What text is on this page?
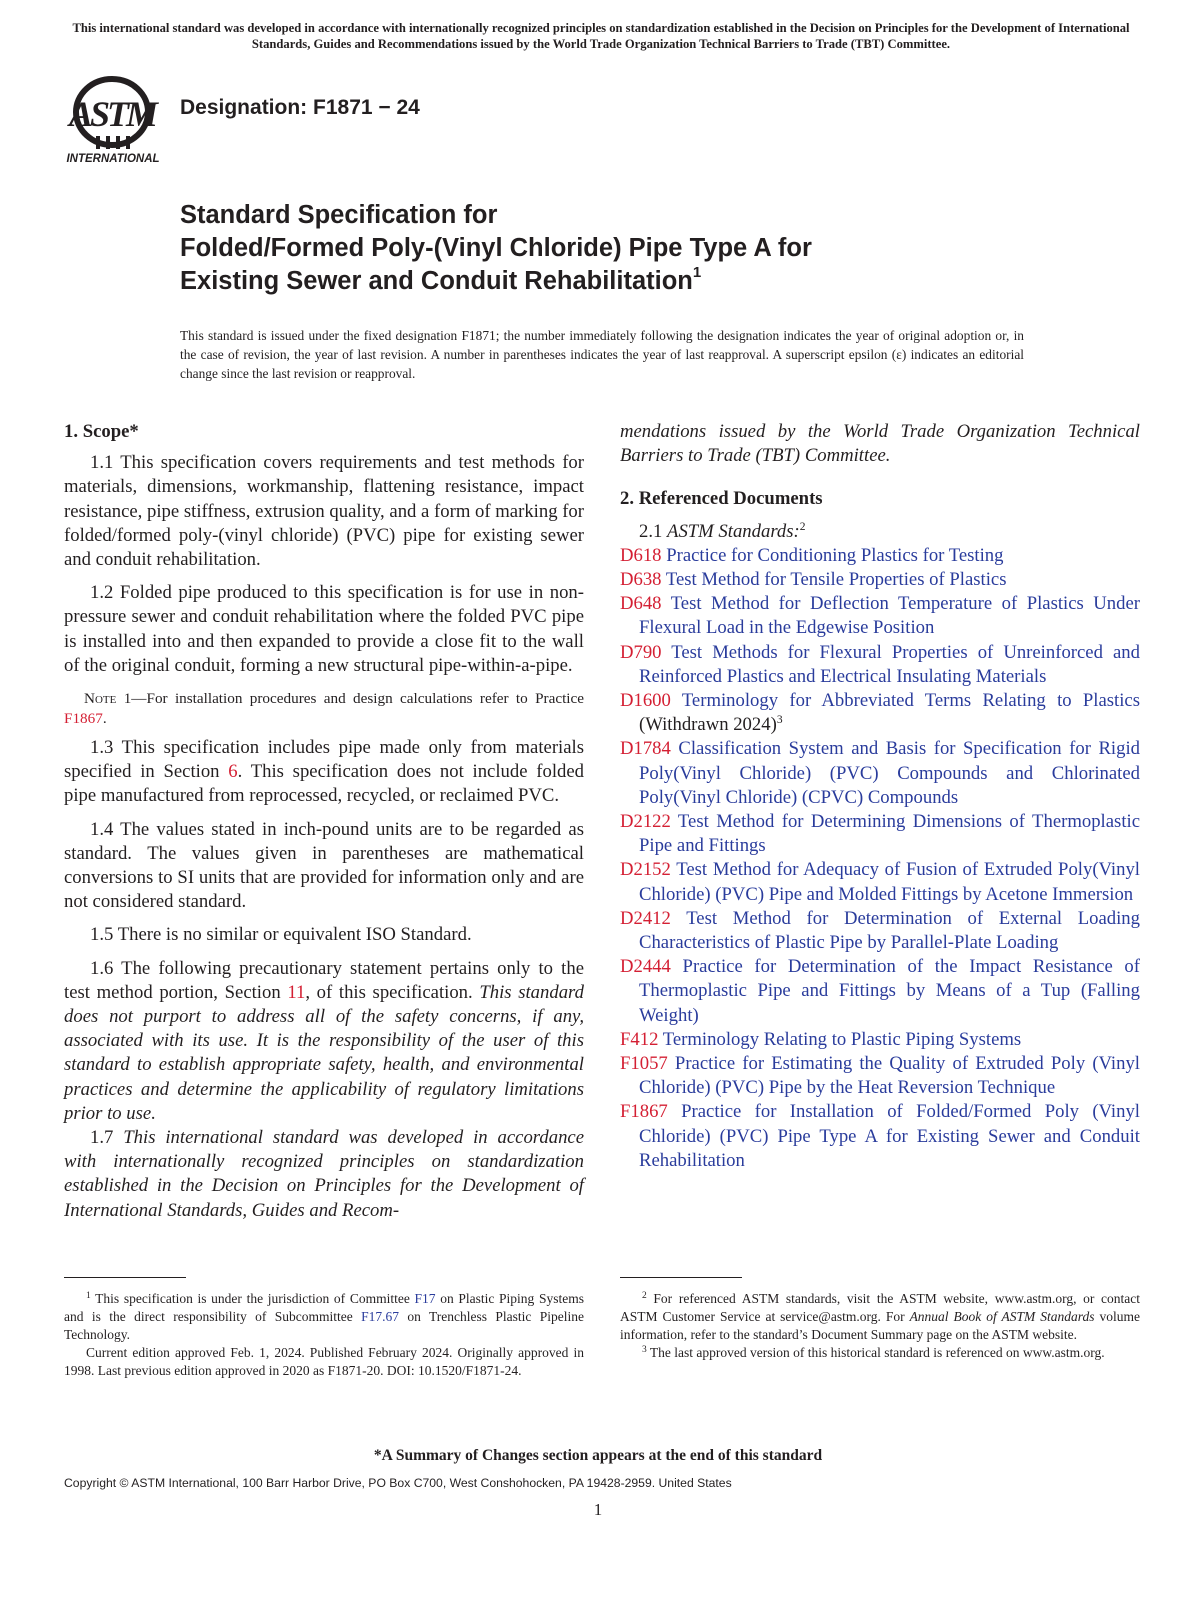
This international standard was developed in accordance with internationally recognized principles on standardization established in the Decision on Principles for the Development of International Standards, Guides and Recommendations issued by the World Trade Organization Technical Barriers to Trade (TBT) Committee.
ASTM
INTERNATIONAL
Designation: F1871 − 24
Standard Specification for
Folded/Formed Poly-(Vinyl Chloride) Pipe Type A for
Existing Sewer and Conduit Rehabilitation$^1$
This standard is issued under the fixed designation F1871; the number immediately following the designation indicates the year of original adoption or, in the case of revision, the year of last revision. A number in parentheses indicates the year of last reapproval. A superscript epsilon (ε) indicates an editorial change since the last revision or reapproval.
1. Scope*

1.1 This specification covers requirements and test methods for materials, dimensions, workmanship, flattening resistance, impact resistance, pipe stiffness, extrusion quality, and a form of marking for folded/formed poly-(vinyl chloride) (PVC) pipe for existing sewer and conduit rehabilitation.

1.2 Folded pipe produced to this specification is for use in non-pressure sewer and conduit rehabilitation where the folded PVC pipe is installed into and then expanded to provide a close fit to the wall of the original conduit, forming a new structural pipe-within-a-pipe.

Note 1—For installation procedures and design calculations refer to Practice F1867.

1.3 This specification includes pipe made only from materials specified in Section 6. This specification does not include folded pipe manufactured from reprocessed, recycled, or reclaimed PVC.

1.4 The values stated in inch-pound units are to be regarded as standard. The values given in parentheses are mathematical conversions to SI units that are provided for information only and are not considered standard.

1.5 There is no similar or equivalent ISO Standard.

1.6 The following precautionary statement pertains only to the test method portion, Section 11, of this specification. This standard does not purport to address all of the safety concerns, if any, associated with its use. It is the responsibility of the user of this standard to establish appropriate safety, health, and environmental practices and determine the applicability of regulatory limitations prior to use.

1.7 This international standard was developed in accordance with internationally recognized principles on standardization established in the Decision on Principles for the Development of International Standards, Guides and Recom-

mendations issued by the World Trade Organization Technical Barriers to Trade (TBT) Committee.

2. Referenced Documents

2.1 ASTM Standards:$^2$

D618 Practice for Conditioning Plastics for Testing

D638 Test Method for Tensile Properties of Plastics

D648 Test Method for Deflection Temperature of Plastics Under Flexural Load in the Edgewise Position

D790 Test Methods for Flexural Properties of Unreinforced and Reinforced Plastics and Electrical Insulating Materials

D1600 Terminology for Abbreviated Terms Relating to Plastics (Withdrawn 2024)$^3$

D1784 Classification System and Basis for Specification for Rigid Poly(Vinyl Chloride) (PVC) Compounds and Chlorinated Poly(Vinyl Chloride) (CPVC) Compounds

D2122 Test Method for Determining Dimensions of Thermoplastic Pipe and Fittings

D2152 Test Method for Adequacy of Fusion of Extruded Poly(Vinyl Chloride) (PVC) Pipe and Molded Fittings by Acetone Immersion

D2412 Test Method for Determination of External Loading Characteristics of Plastic Pipe by Parallel-Plate Loading

D2444 Practice for Determination of the Impact Resistance of Thermoplastic Pipe and Fittings by Means of a Tup (Falling Weight)

F412 Terminology Relating to Plastic Piping Systems

F1057 Practice for Estimating the Quality of Extruded Poly (Vinyl Chloride) (PVC) Pipe by the Heat Reversion Technique

F1867 Practice for Installation of Folded/Formed Poly (Vinyl Chloride) (PVC) Pipe Type A for Existing Sewer and Conduit Rehabilitation

$^1$ This specification is under the jurisdiction of Committee F17 on Plastic Piping Systems and is the direct responsibility of Subcommittee F17.67 on Trenchless Plastic Pipeline Technology.

Current edition approved Feb. 1, 2024. Published February 2024. Originally approved in 1998. Last previous edition approved in 2020 as F1871-20. DOI: 10.1520/F1871-24.

$^2$ For referenced ASTM standards, visit the ASTM website, www.astm.org, or contact ASTM Customer Service at service@astm.org. For Annual Book of ASTM Standards volume information, refer to the standard’s Document Summary page on the ASTM website.

$^3$ The last approved version of this historical standard is referenced on www.astm.org.

*A Summary of Changes section appears at the end of this standard
Copyright © ASTM International, 100 Barr Harbor Drive, PO Box C700, West Conshohocken, PA 19428-2959. United States
1
